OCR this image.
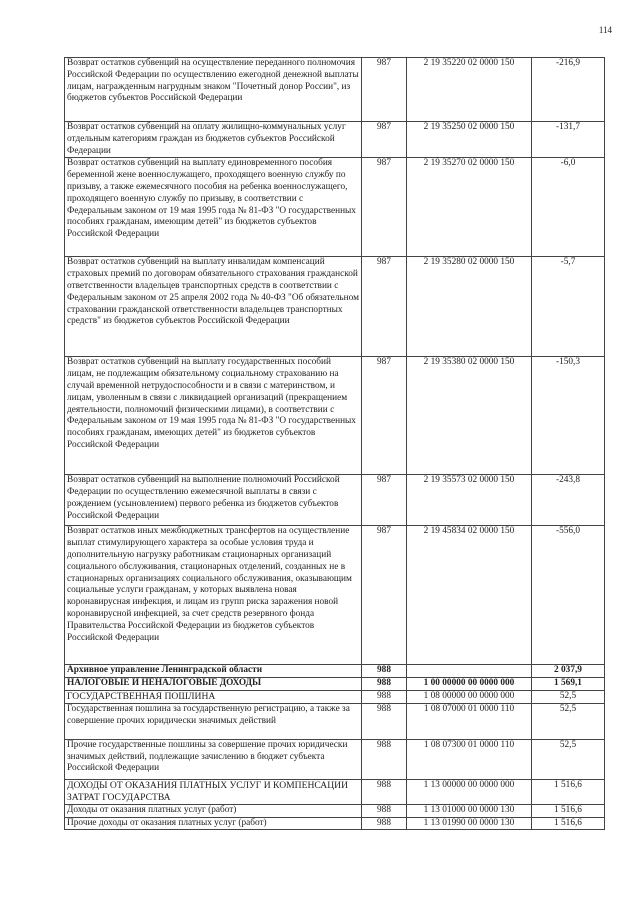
114
Возврат остатков субвенций на осуществление переданного полномочия Российской Федерации по осуществлению ежегодной денежной выплаты лицам, награжденным нагрудным знаком "Почетный донор России", из бюджетов субъектов Российской Федерации	987	2 19 35220 02 0000 150	-216,9
Возврат остатков субвенций на оплату жилищно-коммунальных услуг отдельным категориям граждан из бюджетов субъектов Российской Федерации	987	2 19 35250 02 0000 150	-131,7
Возврат остатков субвенций на выплату единовременного пособия беременной жене военнослужащего, проходящего военную службу по призыву, а также ежемесячного пособия на ребенка военнослужащего, проходящего военную службу по призыву, в соответствии с Федеральным законом от 19 мая 1995 года № 81-ФЗ "О государственных пособиях гражданам, имеющим детей" из бюджетов субъектов Российской Федерации	987	2 19 35270 02 0000 150	-6,0
Возврат остатков субвенций на выплату инвалидам компенсаций страховых премий по договорам обязательного страхования гражданской ответственности владельцев транспортных средств в соответствии с Федеральным законом от 25 апреля 2002 года № 40-ФЗ "Об обязательном страховании гражданской ответственности владельцев транспортных средств" из бюджетов субъектов Российской Федерации	987	2 19 35280 02 0000 150	-5,7
Возврат остатков субвенций на выплату государственных пособий лицам, не подлежащим обязательному социальному страхованию на случай временной нетрудоспособности и в связи с материнством, и лицам, уволенным в связи с ликвидацией организаций (прекращением деятельности, полномочий физическими лицами), в соответствии с Федеральным законом от 19 мая 1995 года № 81-ФЗ "О государственных пособиях гражданам, имеющих детей" из бюджетов субъектов Российской Федерации	987	2 19 35380 02 0000 150	-150,3
Возврат остатков субвенций на выполнение полномочий Российской Федерации по осуществлению ежемесячной выплаты в связи с рождением (усыновлением) первого ребенка из бюджетов субъектов Российской Федерации	987	2 19 35573 02 0000 150	-243,8
Возврат остатков иных межбюджетных трансфертов на осуществление выплат стимулирующего характера за особые условия труда и дополнительную нагрузку работникам стационарных организаций социального обслуживания, стационарных отделений, созданных не в стационарных организациях социального обслуживания, оказывающим социальные услуги гражданам, у которых выявлена новая коронавирусная инфекция, и лицам из групп риска заражения новой коронавирусной инфекцией, за счет средств резервного фонда Правительства Российской Федерации из бюджетов субъектов Российской Федерации	987	2 19 45834 02 0000 150	-556,0
Архивное управление Ленинградской области	988		2 037,9
НАЛОГОВЫЕ И НЕНАЛОГОВЫЕ ДОХОДЫ	988	1 00 00000 00 0000 000	1 569,1
ГОСУДАРСТВЕННАЯ ПОШЛИНА	988	1 08 00000 00 0000 000	52,5
Государственная пошлина за государственную регистрацию, а также за совершение прочих юридически значимых действий	988	1 08 07000 01 0000 110	52,5
Прочие государственные пошлины за совершение прочих юридически значимых действий, подлежащие зачислению в бюджет субъекта Российской Федерации	988	1 08 07300 01 0000 110	52,5
ДОХОДЫ ОТ ОКАЗАНИЯ ПЛАТНЫХ УСЛУГ И КОМПЕНСАЦИИ ЗАТРАТ ГОСУДАРСТВА	988	1 13 00000 00 0000 000	1 516,6
Доходы от оказания платных услуг (работ)	988	1 13 01000 00 0000 130	1 516,6
Прочие доходы от оказания платных услуг (работ)	988	1 13 01990 00 0000 130	1 516,6
